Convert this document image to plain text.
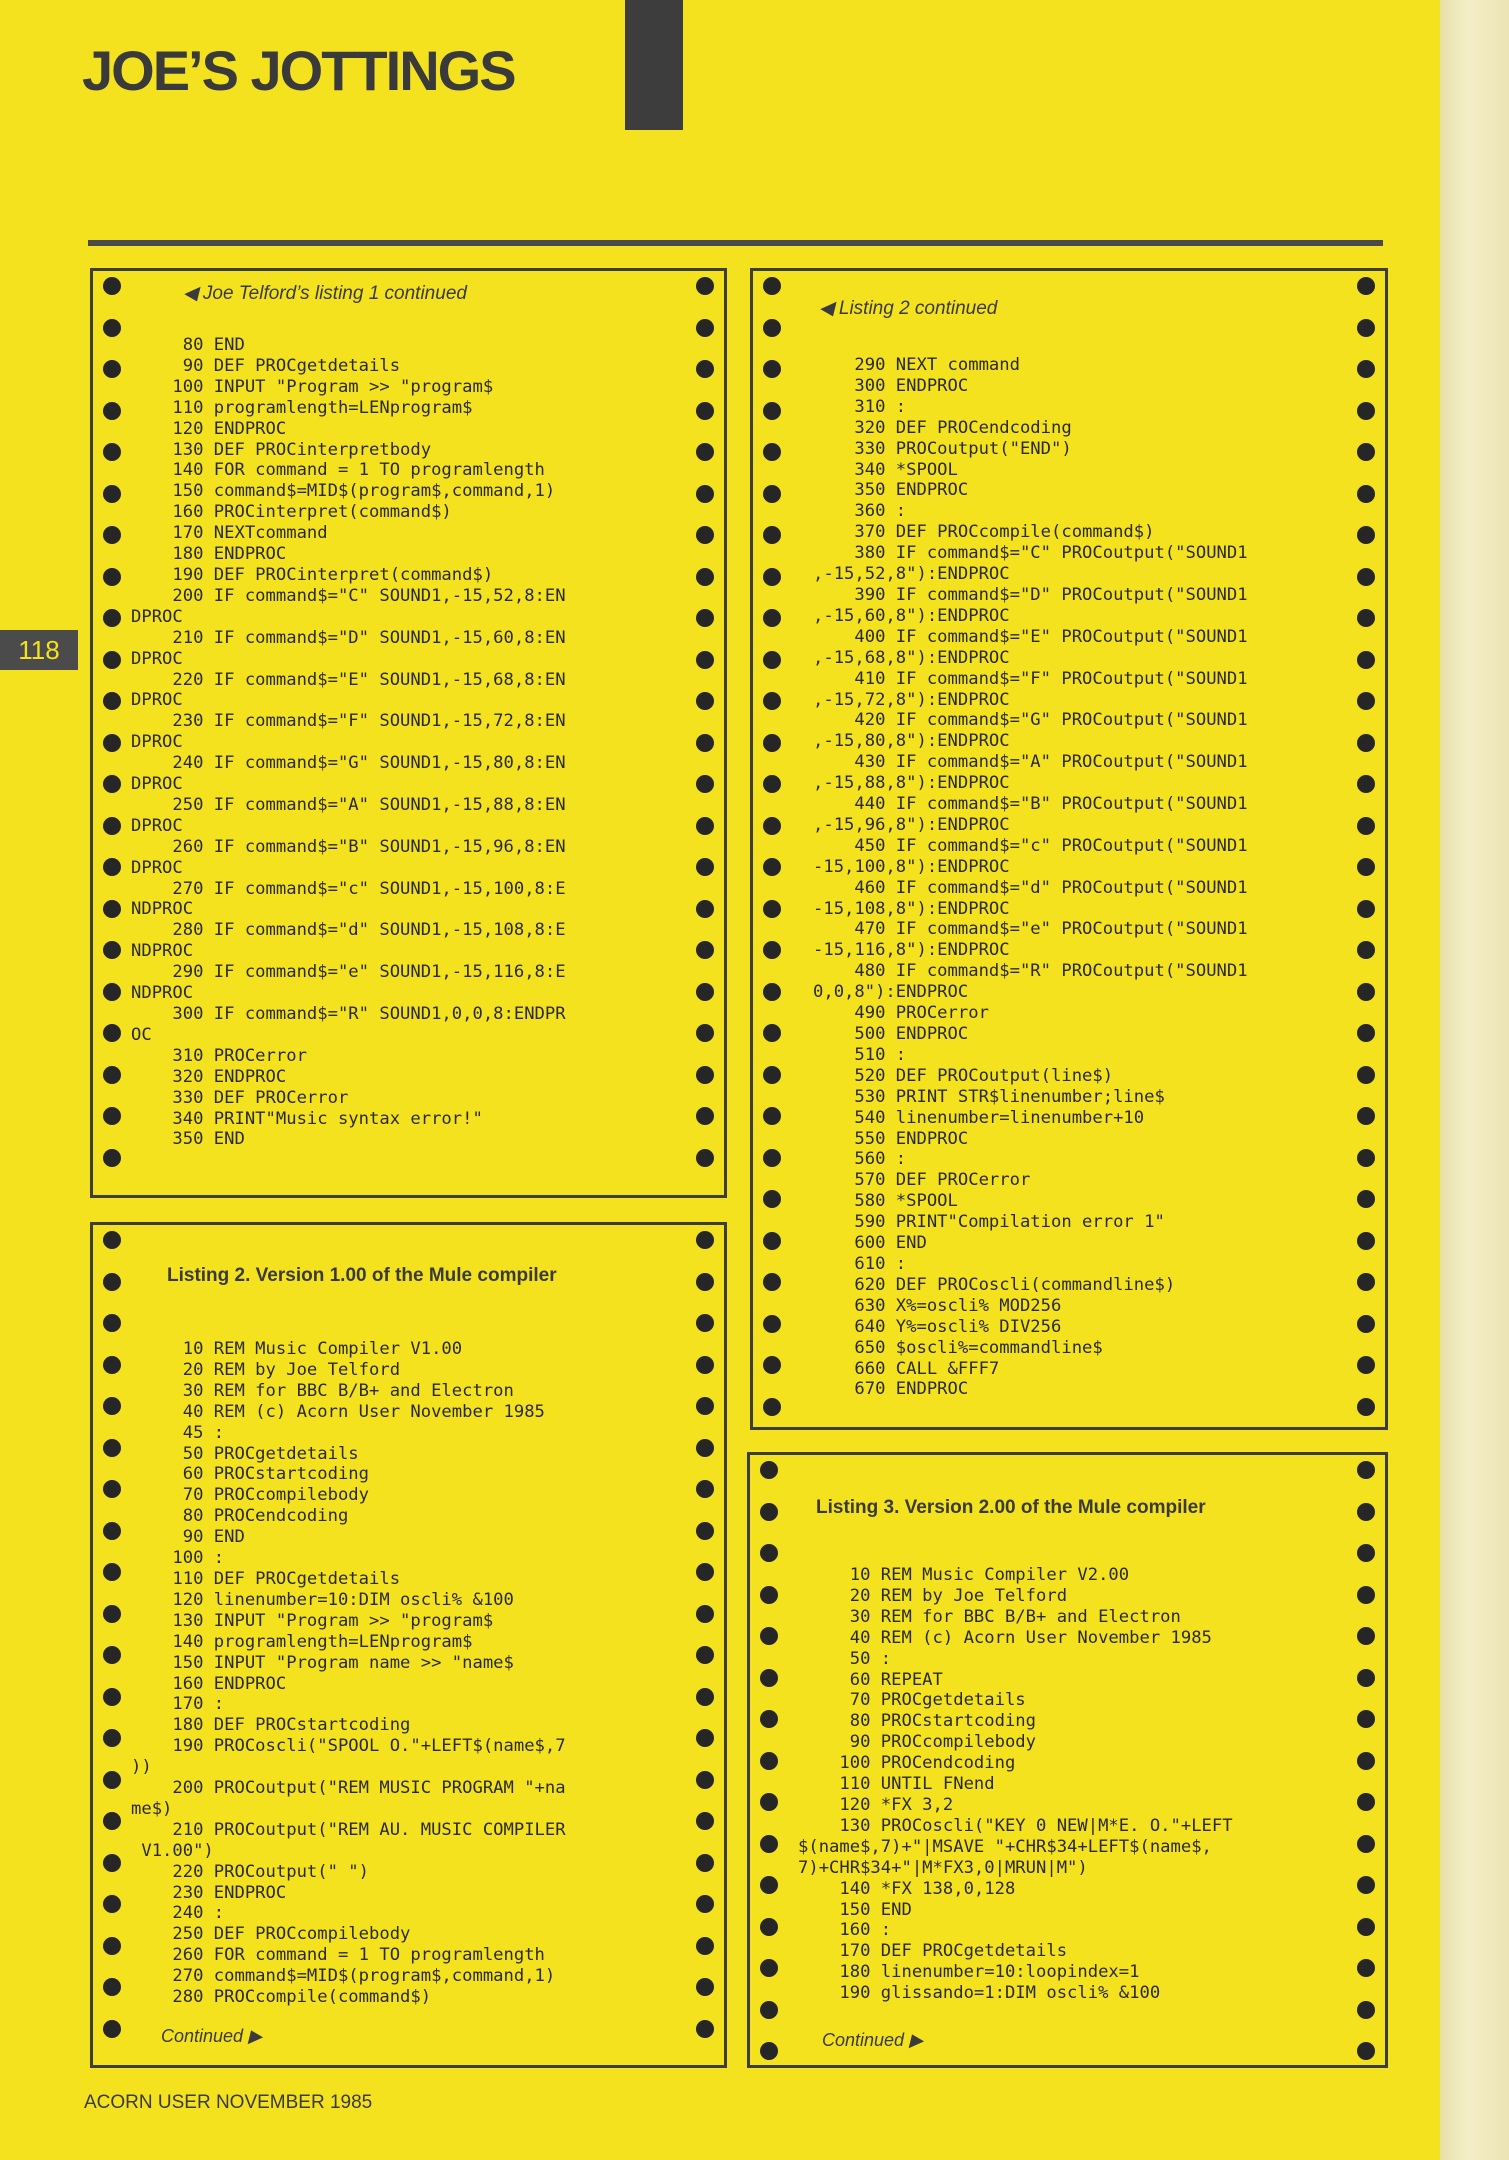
JOE’S JOTTINGS
118
ACORN USER NOVEMBER 1985
◀ Joe Telford’s listing 1 continued
80 END
90 DEF PROCgetdetails
100 INPUT "Program >> "program$
110 programlength=LENprogram$
120 ENDPROC
130 DEF PROCinterpretbody
140 FOR command = 1 TO programlength
150 command$=MID$(program$,command,1)
160 PROCinterpret(command$)
170 NEXTcommand
180 ENDPROC
190 DEF PROCinterpret(command$)
200 IF command$="C" SOUND1,-15,52,8:EN
DPROC
210 IF command$="D" SOUND1,-15,60,8:EN
DPROC
220 IF command$="E" SOUND1,-15,68,8:EN
DPROC
230 IF command$="F" SOUND1,-15,72,8:EN
DPROC
240 IF command$="G" SOUND1,-15,80,8:EN
DPROC
250 IF command$="A" SOUND1,-15,88,8:EN
DPROC
260 IF command$="B" SOUND1,-15,96,8:EN
DPROC
270 IF command$="c" SOUND1,-15,100,8:E
NDPROC
280 IF command$="d" SOUND1,-15,108,8:E
NDPROC
290 IF command$="e" SOUND1,-15,116,8:E
NDPROC
300 IF command$="R" SOUND1,0,0,8:ENDPR
OC
310 PROCerror
320 ENDPROC
330 DEF PROCerror
340 PRINT"Music syntax error!"
350 END
Listing 2. Version 1.00 of the Mule compiler
10 REM Music Compiler V1.00
20 REM by Joe Telford
30 REM for BBC B/B+ and Electron
40 REM (c) Acorn User November 1985
45 :
50 PROCgetdetails
60 PROCstartcoding
70 PROCcompilebody
80 PROCendcoding
90 END
100 :
110 DEF PROCgetdetails
120 linenumber=10:DIM oscli% &100
130 INPUT "Program >> "program$
140 programlength=LENprogram$
150 INPUT "Program name >> "name$
160 ENDPROC
170 :
180 DEF PROCstartcoding
190 PROCoscli("SPOOL O."+LEFT$(name$,7
))
200 PROCoutput("REM MUSIC PROGRAM "+na
me$)
210 PROCoutput("REM AU. MUSIC COMPILER
V1.00")
220 PROCoutput(" ")
230 ENDPROC
240 :
250 DEF PROCcompilebody
260 FOR command = 1 TO programlength
270 command$=MID$(program$,command,1)
280 PROCcompile(command$)
Continued ▶
◀ Listing 2 continued
290 NEXT command
300 ENDPROC
310 :
320 DEF PROCendcoding
330 PROCoutput("END")
340 *SPOOL
350 ENDPROC
360 :
370 DEF PROCcompile(command$)
380 IF command$="C" PROCoutput("SOUND1
,-15,52,8"):ENDPROC
390 IF command$="D" PROCoutput("SOUND1
,-15,60,8"):ENDPROC
400 IF command$="E" PROCoutput("SOUND1
,-15,68,8"):ENDPROC
410 IF command$="F" PROCoutput("SOUND1
,-15,72,8"):ENDPROC
420 IF command$="G" PROCoutput("SOUND1
,-15,80,8"):ENDPROC
430 IF command$="A" PROCoutput("SOUND1
,-15,88,8"):ENDPROC
440 IF command$="B" PROCoutput("SOUND1
,-15,96,8"):ENDPROC
450 IF command$="c" PROCoutput("SOUND1
-15,100,8"):ENDPROC
460 IF command$="d" PROCoutput("SOUND1
-15,108,8"):ENDPROC
470 IF command$="e" PROCoutput("SOUND1
-15,116,8"):ENDPROC
480 IF command$="R" PROCoutput("SOUND1
0,0,8"):ENDPROC
490 PROCerror
500 ENDPROC
510 :
520 DEF PROCoutput(line$)
530 PRINT STR$linenumber;line$
540 linenumber=linenumber+10
550 ENDPROC
560 :
570 DEF PROCerror
580 *SPOOL
590 PRINT"Compilation error 1"
600 END
610 :
620 DEF PROCoscli(commandline$)
630 X%=oscli% MOD256
640 Y%=oscli% DIV256
650 $oscli%=commandline$
660 CALL &FFF7
670 ENDPROC
Listing 3. Version 2.00 of the Mule compiler
10 REM Music Compiler V2.00
20 REM by Joe Telford
30 REM for BBC B/B+ and Electron
40 REM (c) Acorn User November 1985
50 :
60 REPEAT
70 PROCgetdetails
80 PROCstartcoding
90 PROCcompilebody
100 PROCendcoding
110 UNTIL FNend
120 *FX 3,2
130 PROCoscli("KEY 0 NEW|M*E. O."+LEFT
$(name$,7)+"|MSAVE "+CHR$34+LEFT$(name$,
7)+CHR$34+"|M*FX3,0|MRUN|M")
140 *FX 138,0,128
150 END
160 :
170 DEF PROCgetdetails
180 linenumber=10:loopindex=1
190 glissando=1:DIM oscli% &100
Continued ▶
